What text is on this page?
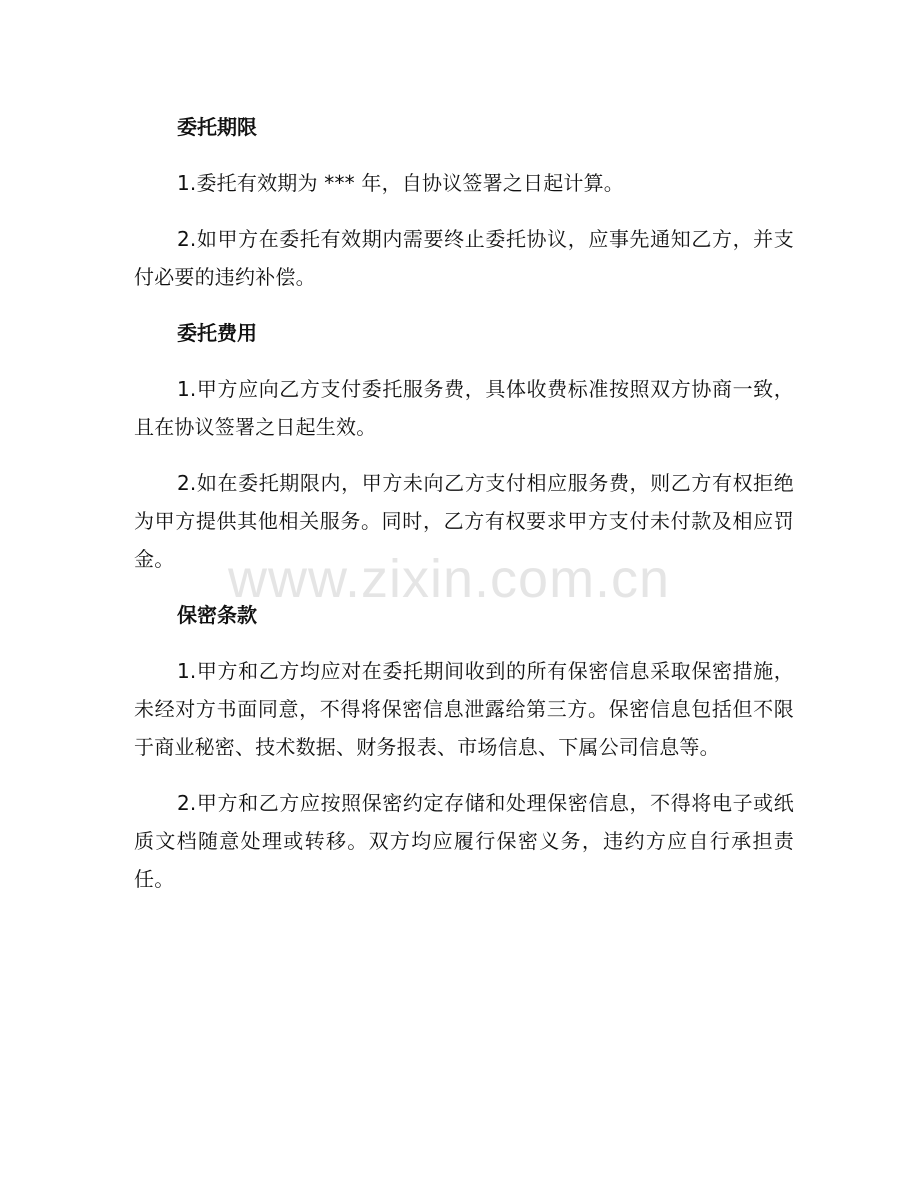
委托期限

1.委托有效期为 *** 年，自协议签署之日起计算。

2.如甲方在委托有效期内需要终止委托协议，应事先通知乙方，并支付必要的违约补偿。

委托费用

1.甲方应向乙方支付委托服务费，具体收费标准按照双方协商一致，且在协议签署之日起生效。

2.如在委托期限内，甲方未向乙方支付相应服务费，则乙方有权拒绝为甲方提供其他相关服务。同时，乙方有权要求甲方支付未付款及相应罚金。

保密条款

1.甲方和乙方均应对在委托期间收到的所有保密信息采取保密措施，未经对方书面同意，不得将保密信息泄露给第三方。保密信息包括但不限于商业秘密、技术数据、财务报表、市场信息、下属公司信息等。

2.甲方和乙方应按照保密约定存储和处理保密信息，不得将电子或纸质文档随意处理或转移。双方均应履行保密义务，违约方应自行承担责任。

www.zixin.com.cn
